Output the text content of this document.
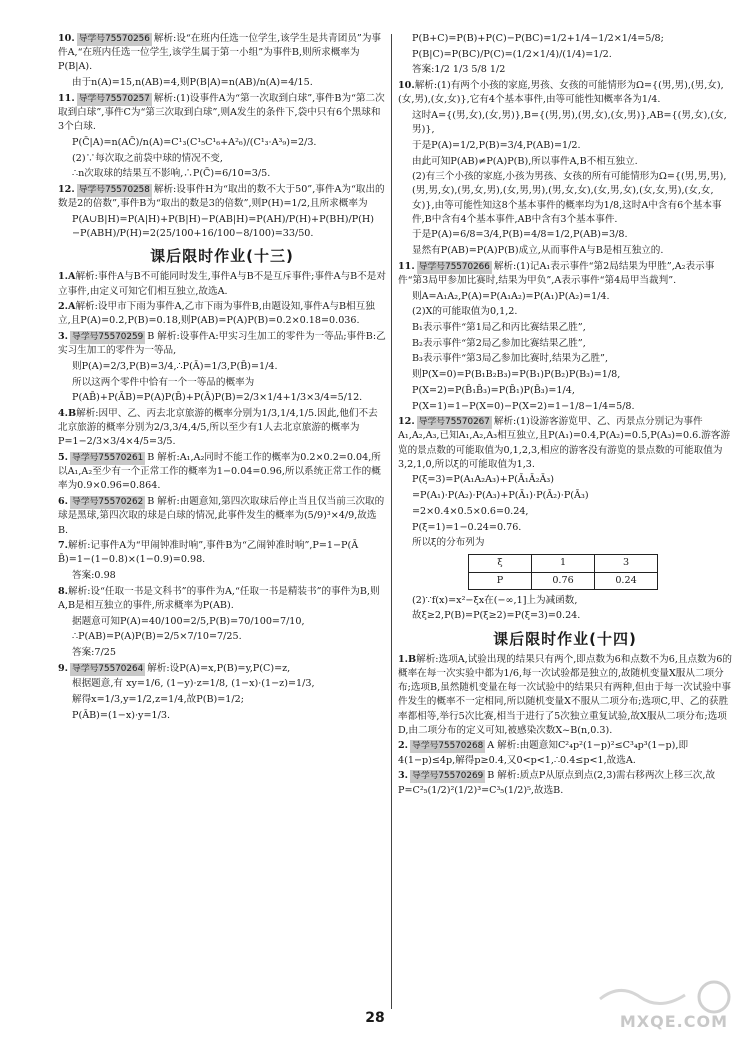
10. 导学号75570256 解析:设“在班内任选一位学生,该学生是共青团员”为事件A,“在班内任选一位学生,该学生属于第一小组”为事件B,则所求概率为P(B|A).

由于n(A)=15,n(AB)=4,则P(B|A)=n(AB)/n(A)=4/15.

11. 导学号75570257 解析:(1)设事件A为“第一次取到白球”,事件B为“第二次取到白球”,事件C为“第三次取到白球”,则A发生的条件下,袋中只有6个黑球和3个白球.

P(C̄|A)=n(AC̄)/n(A)=C¹₃(C¹₅C¹₆+A²₆)/(C¹₃·A³₉)=2/3.

(2)∵每次取之前袋中球的情况不变,

∴n次取球的结果互不影响,∴P(C̄)=6/10=3/5.

12. 导学号75570258 解析:设事件H为“取出的数不大于50”,事件A为“取出的数是2的倍数”,事件B为“取出的数是3的倍数”,则P(H)=1/2,且所求概率为

P(A∪B|H)=P(A|H)+P(B|H)−P(AB|H)=P(AH)/P(H)+P(BH)/P(H)−P(ABH)/P(H)=2(25/100+16/100−8/100)=33/50.

课后限时作业(十三)

1.A解析:事件A与B不可能同时发生,事件A与B不是互斥事件;事件A与B不是对立事件,由定义可知它们相互独立,故选A.

2.A解析:设甲市下雨为事件A,乙市下雨为事件B,由题设知,事件A与B相互独立,且P(A)=0.2,P(B)=0.18,则P(AB)=P(A)P(B)=0.2×0.18=0.036.

3. 导学号75570259 B 解析:设事件A:甲实习生加工的零件为一等品;事件B:乙实习生加工的零件为一等品,

则P(A)=2/3,P(B)=3/4,∴P(Ā)=1/3,P(B̄)=1/4.

所以这两个零件中恰有一个一等品的概率为

P(AB̄)+P(ĀB)=P(A)P(B̄)+P(Ā)P(B)=2/3×1/4+1/3×3/4=5/12.

4.B解析:因甲、乙、丙去北京旅游的概率分别为1/3,1/4,1/5.因此,他们不去北京旅游的概率分别为2/3,3/4,4/5,所以至少有1人去北京旅游的概率为P=1−2/3×3/4×4/5=3/5.

5. 导学号75570261 B 解析:A₁,A₂同时不能工作的概率为0.2×0.2=0.04,所以A₁,A₂至少有一个正常工作的概率为1−0.04=0.96,所以系统正常工作的概率为0.9×0.96=0.864.

6. 导学号75570262 B 解析:由题意知,第四次取球后停止当且仅当前三次取的球是黑球,第四次取的球是白球的情况,此事件发生的概率为(5/9)³×4/9,故选B.

7.解析:记事件A为“甲闹钟准时响”,事件B为“乙闹钟准时响”,P=1−P(Ā B̄)=1−(1−0.8)×(1−0.9)=0.98.

答案:0.98

8.解析:设“任取一书是文科书”的事件为A,“任取一书是精装书”的事件为B,则A,B是相互独立的事件,所求概率为P(AB).

据题意可知P(A)=40/100=2/5,P(B)=70/100=7/10,

∴P(AB)=P(A)P(B)=2/5×7/10=7/25.

答案:7/25

9. 导学号75570264 解析:设P(A)=x,P(B)=y,P(C)=z,

根据题意,有 xy=1/6, (1−y)·z=1/8, (1−x)·(1−z)=1/3,

解得x=1/3,y=1/2,z=1/4,故P(B)=1/2;

P(ĀB)=(1−x)·y=1/3.

P(B+C)=P(B)+P(C)−P(BC)=1/2+1/4−1/2×1/4=5/8;

P(B|C)=P(BC)/P(C)=(1/2×1/4)/(1/4)=1/2.

答案:1/2 1/3 5/8 1/2

10.解析:(1)有两个小孩的家庭,男孩、女孩的可能情形为Ω={(男,男),(男,女),(女,男),(女,女)},它有4个基本事件,由等可能性知概率各为1/4.

这时A={(男,女),(女,男)},B={(男,男),(男,女),(女,男)},AB={(男,女),(女,男)},

于是P(A)=1/2,P(B)=3/4,P(AB)=1/2.

由此可知P(AB)≠P(A)P(B),所以事件A,B不相互独立.

(2)有三个小孩的家庭,小孩为男孩、女孩的所有可能情形为Ω={(男,男,男),(男,男,女),(男,女,男),(女,男,男),(男,女,女),(女,男,女),(女,女,男),(女,女,女)},由等可能性知这8个基本事件的概率均为1/8,这时A中含有6个基本事件,B中含有4个基本事件,AB中含有3个基本事件.

于是P(A)=6/8=3/4,P(B)=4/8=1/2,P(AB)=3/8.

显然有P(AB)=P(A)P(B)成立,从而事件A与B是相互独立的.

11. 导学号75570266 解析:(1)记A₁表示事件“第2局结果为甲胜”,A₂表示事件“第3局甲参加比赛时,结果为甲负”,A表示事件“第4局甲当裁判”.

则A=A₁A₂,P(A)=P(A₁A₂)=P(A₁)P(A₂)=1/4.

(2)X的可能取值为0,1,2.

B₁表示事件“第1局乙和丙比赛结果乙胜”,

B₂表示事件“第2局乙参加比赛结果乙胜”,

B₃表示事件“第3局乙参加比赛时,结果为乙胜”,

则P(X=0)=P(B₁B₂B₃)=P(B₁)P(B₂)P(B₃)=1/8,

P(X=2)=P(B̄₁B̄₃)=P(B̄₁)P(B̄₃)=1/4,

P(X=1)=1−P(X=0)−P(X=2)=1−1/8−1/4=5/8.

12. 导学号75570267 解析:(1)设游客游览甲、乙、丙景点分别记为事件A₁,A₂,A₃,已知A₁,A₂,A₃相互独立,且P(A₁)=0.4,P(A₂)=0.5,P(A₃)=0.6.游客游览的景点数的可能取值为0,1,2,3,相应的游客没有游览的景点数的可能取值为3,2,1,0,所以ξ的可能取值为1,3.

P(ξ=3)=P(A₁A₂A₃)+P(Ā₁Ā₂Ā₃)

=P(A₁)·P(A₂)·P(A₃)+P(Ā₁)·P(Ā₂)·P(Ā₃)

=2×0.4×0.5×0.6=0.24,

P(ξ=1)=1−0.24=0.76.

所以ξ的分布列为

ξ	1	3
P	0.76	0.24

(2)∵f(x)=x²−ξx在(−∞,1]上为减函数,

故ξ≥2,P(B)=P(ξ≥2)=P(ξ=3)=0.24.

课后限时作业(十四)

1.B解析:选项A,试验出现的结果只有两个,即点数为6和点数不为6,且点数为6的概率在每一次实验中都为1/6,每一次试验都是独立的,故随机变量X服从二项分布;选项B,虽然随机变量在每一次试验中的结果只有两种,但由于每一次试验中事件发生的概率不一定相同,所以随机变量X不服从二项分布;选项C,甲、乙的获胜率都相等,举行5次比赛,相当于进行了5次独立重复试验,故X服从二项分布;选项D,由二项分布的定义可知,被感染次数X~B(n,0.3).

2. 导学号75570268 A 解析:由题意知C²₄p²(1−p)²≤C³₄p³(1−p),即4(1−p)≤4p,解得p≥0.4,又0<p<1,∴0.4≤p<1,故选A.

3. 导学号75570269 B 解析:质点P从原点到点(2,3)需右移两次上移三次,故P=C²₅(1/2)²(1/2)³=C³₅(1/2)⁵,故选B.

28	MXQE.COM
